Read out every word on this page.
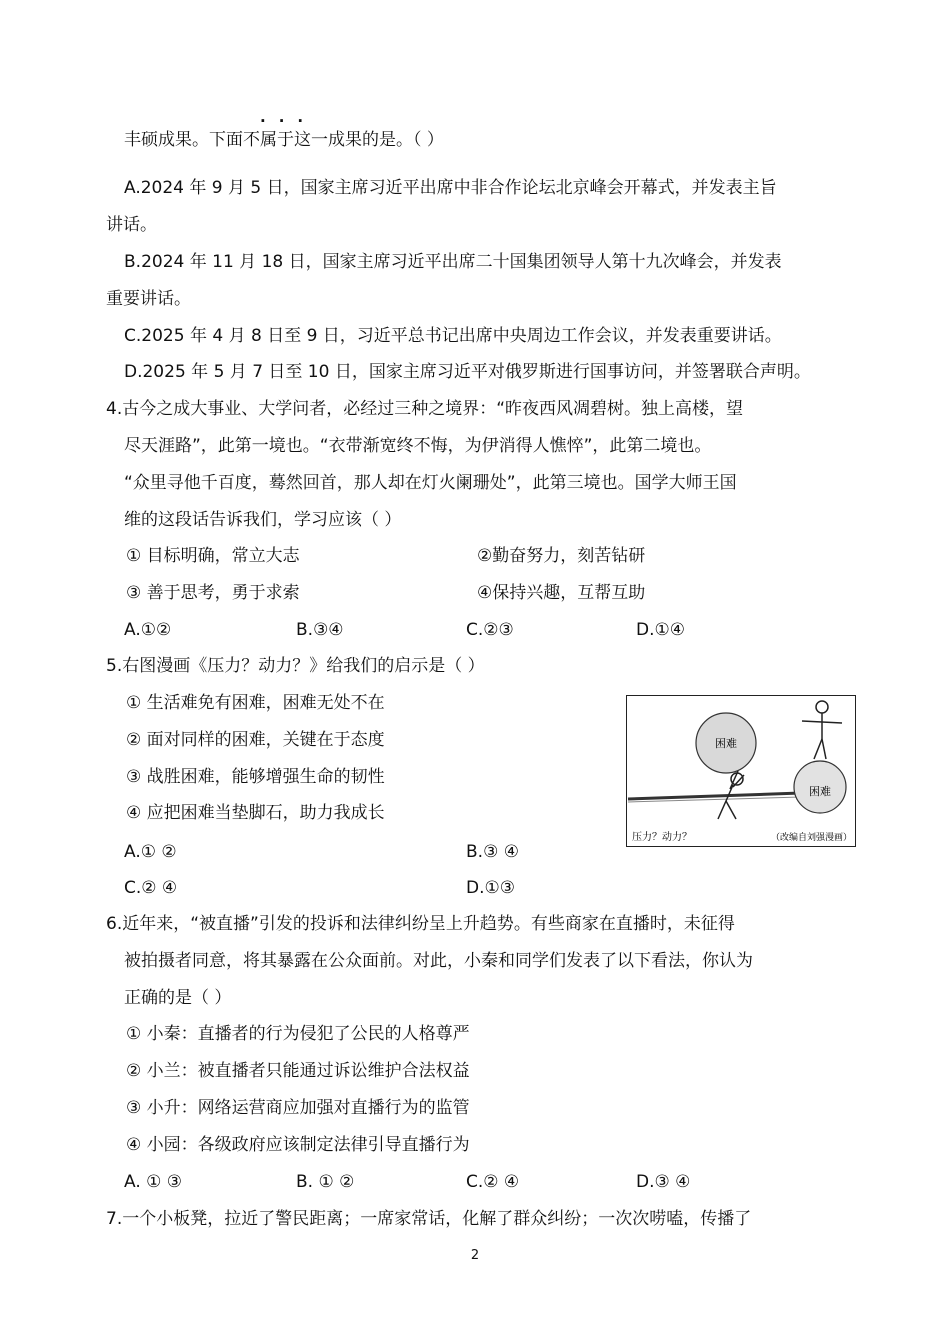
···
丰硕成果。下面不属于这一成果的是。（ ）
A.2024 年 9 月 5 日，国家主席习近平出席中非合作论坛北京峰会开幕式，并发表主旨
讲话。
B.2024 年 11 月 18 日，国家主席习近平出席二十国集团领导人第十九次峰会，并发表
重要讲话。
C.2025 年 4 月 8 日至 9 日，习近平总书记出席中央周边工作会议，并发表重要讲话。
D.2025 年 5 月 7 日至 10 日，国家主席习近平对俄罗斯进行国事访问，并签署联合声明。
4.古今之成大事业、大学问者，必经过三种之境界：“昨夜西风凋碧树。独上高楼，望
尽天涯路”，此第一境也。“衣带渐宽终不悔，为伊消得人憔悴”，此第二境也。
“众里寻他千百度，蓦然回首，那人却在灯火阑珊处”，此第三境也。国学大师王国
维的这段话告诉我们，学习应该（ ）
① 目标明确，常立大志	②勤奋努力，刻苦钻研
③ 善于思考，勇于求索	④保持兴趣，互帮互助
A.①②	B.③④	C.②③	D.①④
5.右图漫画《压力？动力？》给我们的启示是（ ）
① 生活难免有困难，困难无处不在
② 面对同样的困难，关键在于态度
③ 战胜困难，能够增强生命的韧性
④ 应把困难当垫脚石，助力我成长
A.① ②	B.③ ④
C.② ④	D.①③
困难
困难
压力？动力？	（改编自刘强漫画）
6.近年来，“被直播”引发的投诉和法律纠纷呈上升趋势。有些商家在直播时，未征得
被拍摄者同意，将其暴露在公众面前。对此，小秦和同学们发表了以下看法，你认为
正确的是（ ）
① 小秦：直播者的行为侵犯了公民的人格尊严
② 小兰：被直播者只能通过诉讼维护合法权益
③ 小升：网络运营商应加强对直播行为的监管
④ 小园：各级政府应该制定法律引导直播行为
A. ① ③	B. ① ②	C.② ④	D.③ ④
7.一个小板凳，拉近了警民距离；一席家常话，化解了群众纠纷；一次次唠嗑，传播了
2
